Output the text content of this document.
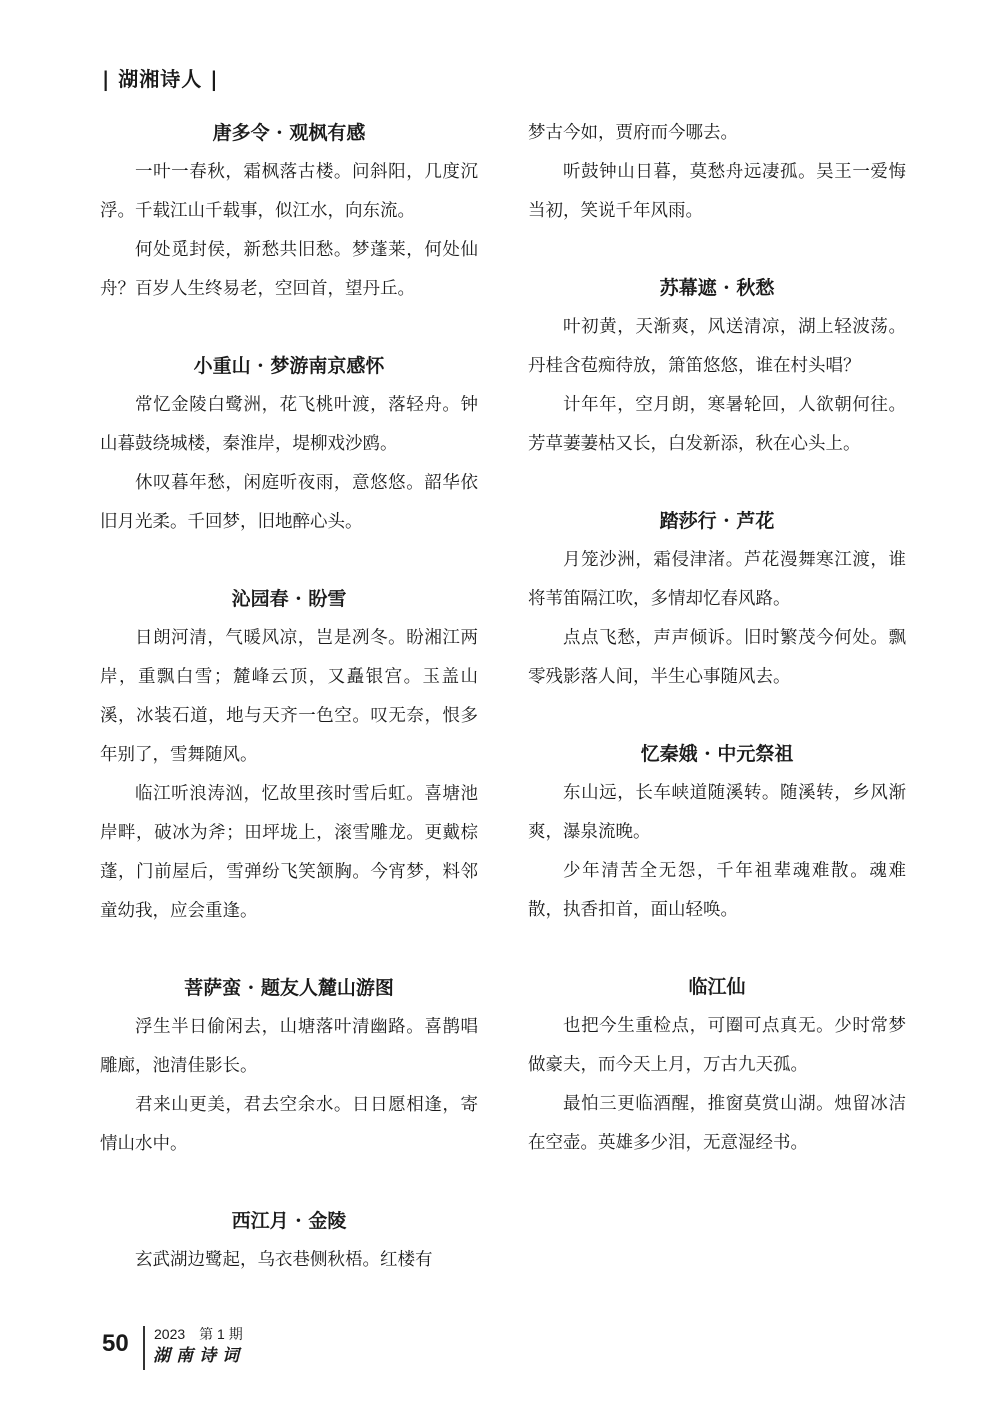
| 湖湘诗人 |
唐多令 · 观枫有感

一叶一春秋，霜枫落古楼。问斜阳，几度沉浮。千载江山千载事，似江水，向东流。

何处觅封侯，新愁共旧愁。梦蓬莱，何处仙舟？百岁人生终易老，空回首，望丹丘。

小重山 · 梦游南京感怀

常忆金陵白鹭洲，花飞桃叶渡，落轻舟。钟山暮鼓绕城楼，秦淮岸，堤柳戏沙鸥。

休叹暮年愁，闲庭听夜雨，意悠悠。韶华依旧月光柔。千回梦，旧地醉心头。

沁园春 · 盼雪

日朗河清，气暖风凉，岂是冽冬。盼湘江两岸，重飘白雪；麓峰云顶，又矗银宫。玉盖山溪，冰装石道，地与天齐一色空。叹无奈，恨多年别了，雪舞随风。

临江听浪涛汹，忆故里孩时雪后虹。喜塘池岸畔，破冰为斧；田坪垅上，滚雪雕龙。更戴棕蓬，门前屋后，雪弹纷飞笑颔胸。今宵梦，料邻童幼我，应会重逢。

菩萨蛮 · 题友人麓山游图

浮生半日偷闲去，山塘落叶清幽路。喜鹊唱雕廊，池清佳影长。

君来山更美，君去空余水。日日愿相逢，寄情山水中。

西江月 · 金陵

玄武湖边鹭起，乌衣巷侧秋梧。红楼有

梦古今如，贾府而今哪去。

听鼓钟山日暮，莫愁舟远凄孤。吴王一爱悔当初，笑说千年风雨。

苏幕遮 · 秋愁

叶初黄，天渐爽，风送清凉，湖上轻波荡。丹桂含苞痴待放，箫笛悠悠，谁在村头唱？

计年年，空月朗，寒暑轮回，人欲朝何往。芳草萋萋枯又长，白发新添，秋在心头上。

踏莎行 · 芦花

月笼沙洲，霜侵津渚。芦花漫舞寒江渡，谁将苇笛隔江吹，多情却忆春风路。

点点飞愁，声声倾诉。旧时繁茂今何处。飘零残影落人间，半生心事随风去。

忆秦娥 · 中元祭祖

东山远，长车峡道随溪转。随溪转，乡风渐爽，瀑泉流晚。

少年清苦全无怨，千年祖辈魂难散。魂难散，执香扣首，面山轻唤。

临江仙

也把今生重检点，可圈可点真无。少时常梦做豪夫，而今天上月，万古九天孤。

最怕三更临酒醒，推窗莫赏山湖。烛留冰洁在空壶。英雄多少泪，无意湿经书。

50 2023　第 1 期
湖南诗词
